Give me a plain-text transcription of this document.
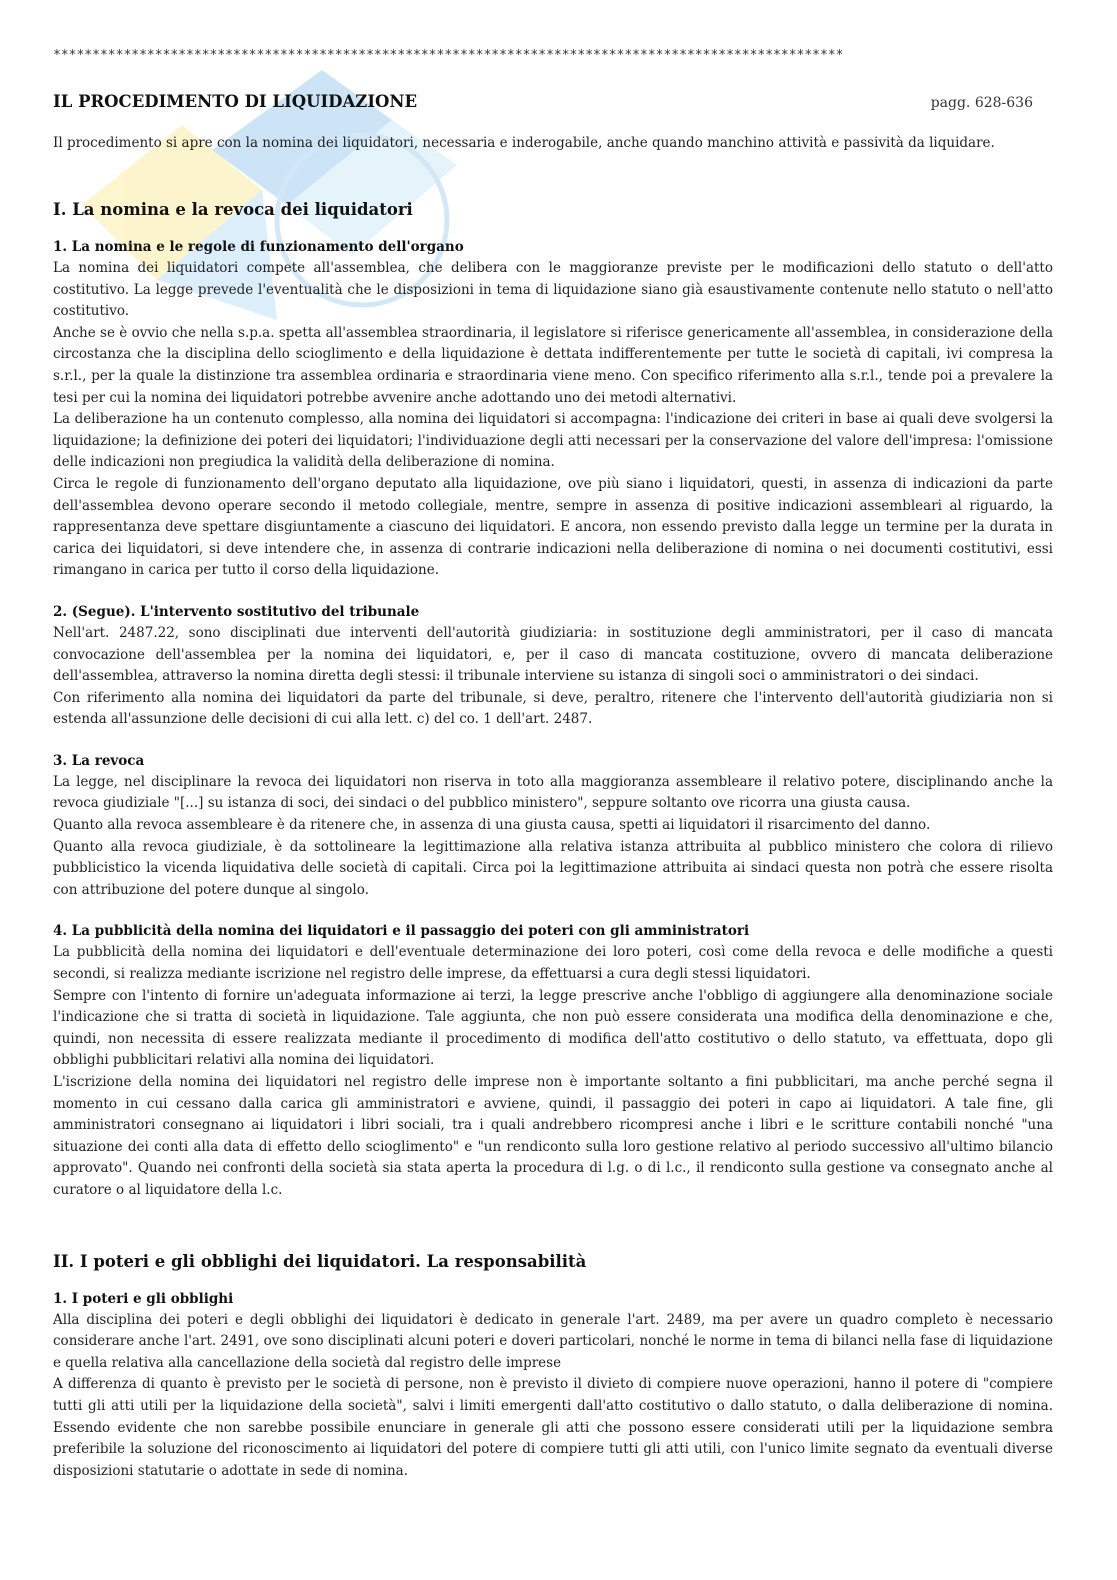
*****************************************************************************************************
IL PROCEDIMENTO DI LIQUIDAZIONE	pagg. 628-636

Il procedimento si apre con la nomina dei liquidatori, necessaria e inderogabile, anche quando manchino attività e passività da liquidare.

I. La nomina e la revoca dei liquidatori
1. La nomina e le regole di funzionamento dell'organo

La nomina dei liquidatori compete all'assemblea, che delibera con le maggioranze previste per le modificazioni dello statuto o dell'atto costitutivo. La legge prevede l'eventualità che le disposizioni in tema di liquidazione siano già esaustivamente contenute nello statuto o nell'atto costitutivo.

Anche se è ovvio che nella s.p.a. spetta all'assemblea straordinaria, il legislatore si riferisce genericamente all'assemblea, in considerazione della circostanza che la disciplina dello scioglimento e della liquidazione è dettata indifferentemente per tutte le società di capitali, ivi compresa la s.r.l., per la quale la distinzione tra assemblea ordinaria e straordinaria viene meno. Con specifico riferimento alla s.r.l., tende poi a prevalere la tesi per cui la nomina dei liquidatori potrebbe avvenire anche adottando uno dei metodi alternativi.

La deliberazione ha un contenuto complesso, alla nomina dei liquidatori si accompagna: l'indicazione dei criteri in base ai quali deve svolgersi la liquidazione; la definizione dei poteri dei liquidatori; l'individuazione degli atti necessari per la conservazione del valore dell'impresa: l'omissione delle indicazioni non pregiudica la validità della deliberazione di nomina.

Circa le regole di funzionamento dell'organo deputato alla liquidazione, ove più siano i liquidatori, questi, in assenza di indicazioni da parte dell'assemblea devono operare secondo il metodo collegiale, mentre, sempre in assenza di positive indicazioni assembleari al riguardo, la rappresentanza deve spettare disgiuntamente a ciascuno dei liquidatori. E ancora, non essendo previsto dalla legge un termine per la durata in carica dei liquidatori, si deve intendere che, in assenza di contrarie indicazioni nella deliberazione di nomina o nei documenti costitutivi, essi rimangano in carica per tutto il corso della liquidazione.

2. (Segue). L'intervento sostitutivo del tribunale

Nell'art. 2487.22, sono disciplinati due interventi dell'autorità giudiziaria: in sostituzione degli amministratori, per il caso di mancata convocazione dell'assemblea per la nomina dei liquidatori, e, per il caso di mancata costituzione, ovvero di mancata deliberazione dell'assemblea, attraverso la nomina diretta degli stessi: il tribunale interviene su istanza di singoli soci o amministratori o dei sindaci.

Con riferimento alla nomina dei liquidatori da parte del tribunale, si deve, peraltro, ritenere che l'intervento dell'autorità giudiziaria non si estenda all'assunzione delle decisioni di cui alla lett. c) del co. 1 dell'art. 2487.

3. La revoca

La legge, nel disciplinare la revoca dei liquidatori non riserva in toto alla maggioranza assembleare il relativo potere, disciplinando anche la revoca giudiziale "[...] su istanza di soci, dei sindaci o del pubblico ministero", seppure soltanto ove ricorra una giusta causa.

Quanto alla revoca assembleare è da ritenere che, in assenza di una giusta causa, spetti ai liquidatori il risarcimento del danno.

Quanto alla revoca giudiziale, è da sottolineare la legittimazione alla relativa istanza attribuita al pubblico ministero che colora di rilievo pubblicistico la vicenda liquidativa delle società di capitali. Circa poi la legittimazione attribuita ai sindaci questa non potrà che essere risolta con attribuzione del potere dunque al singolo.

4. La pubblicità della nomina dei liquidatori e il passaggio dei poteri con gli amministratori

La pubblicità della nomina dei liquidatori e dell'eventuale determinazione dei loro poteri, così come della revoca e delle modifiche a questi secondi, si realizza mediante iscrizione nel registro delle imprese, da effettuarsi a cura degli stessi liquidatori.

Sempre con l'intento di fornire un'adeguata informazione ai terzi, la legge prescrive anche l'obbligo di aggiungere alla denominazione sociale l'indicazione che si tratta di società in liquidazione. Tale aggiunta, che non può essere considerata una modifica della denominazione e che, quindi, non necessita di essere realizzata mediante il procedimento di modifica dell'atto costitutivo o dello statuto, va effettuata, dopo gli obblighi pubblicitari relativi alla nomina dei liquidatori.

L'iscrizione della nomina dei liquidatori nel registro delle imprese non è importante soltanto a fini pubblicitari, ma anche perché segna il momento in cui cessano dalla carica gli amministratori e avviene, quindi, il passaggio dei poteri in capo ai liquidatori. A tale fine, gli amministratori consegnano ai liquidatori i libri sociali, tra i quali andrebbero ricompresi anche i libri e le scritture contabili nonché "una situazione dei conti alla data di effetto dello scioglimento" e "un rendiconto sulla loro gestione relativo al periodo successivo all'ultimo bilancio approvato". Quando nei confronti della società sia stata aperta la procedura di l.g. o di l.c., il rendiconto sulla gestione va consegnato anche al curatore o al liquidatore della l.c.

II. I poteri e gli obblighi dei liquidatori. La responsabilità
1. I poteri e gli obblighi

Alla disciplina dei poteri e degli obblighi dei liquidatori è dedicato in generale l'art. 2489, ma per avere un quadro completo è necessario considerare anche l'art. 2491, ove sono disciplinati alcuni poteri e doveri particolari, nonché le norme in tema di bilanci nella fase di liquidazione e quella relativa alla cancellazione della società dal registro delle imprese

A differenza di quanto è previsto per le società di persone, non è previsto il divieto di compiere nuove operazioni, hanno il potere di "compiere tutti gli atti utili per la liquidazione della società", salvi i limiti emergenti dall'atto costitutivo o dallo statuto, o dalla deliberazione di nomina. Essendo evidente che non sarebbe possibile enunciare in generale gli atti che possono essere considerati utili per la liquidazione sembra preferibile la soluzione del riconoscimento ai liquidatori del potere di compiere tutti gli atti utili, con l'unico limite segnato da eventuali diverse disposizioni statutarie o adottate in sede di nomina.
